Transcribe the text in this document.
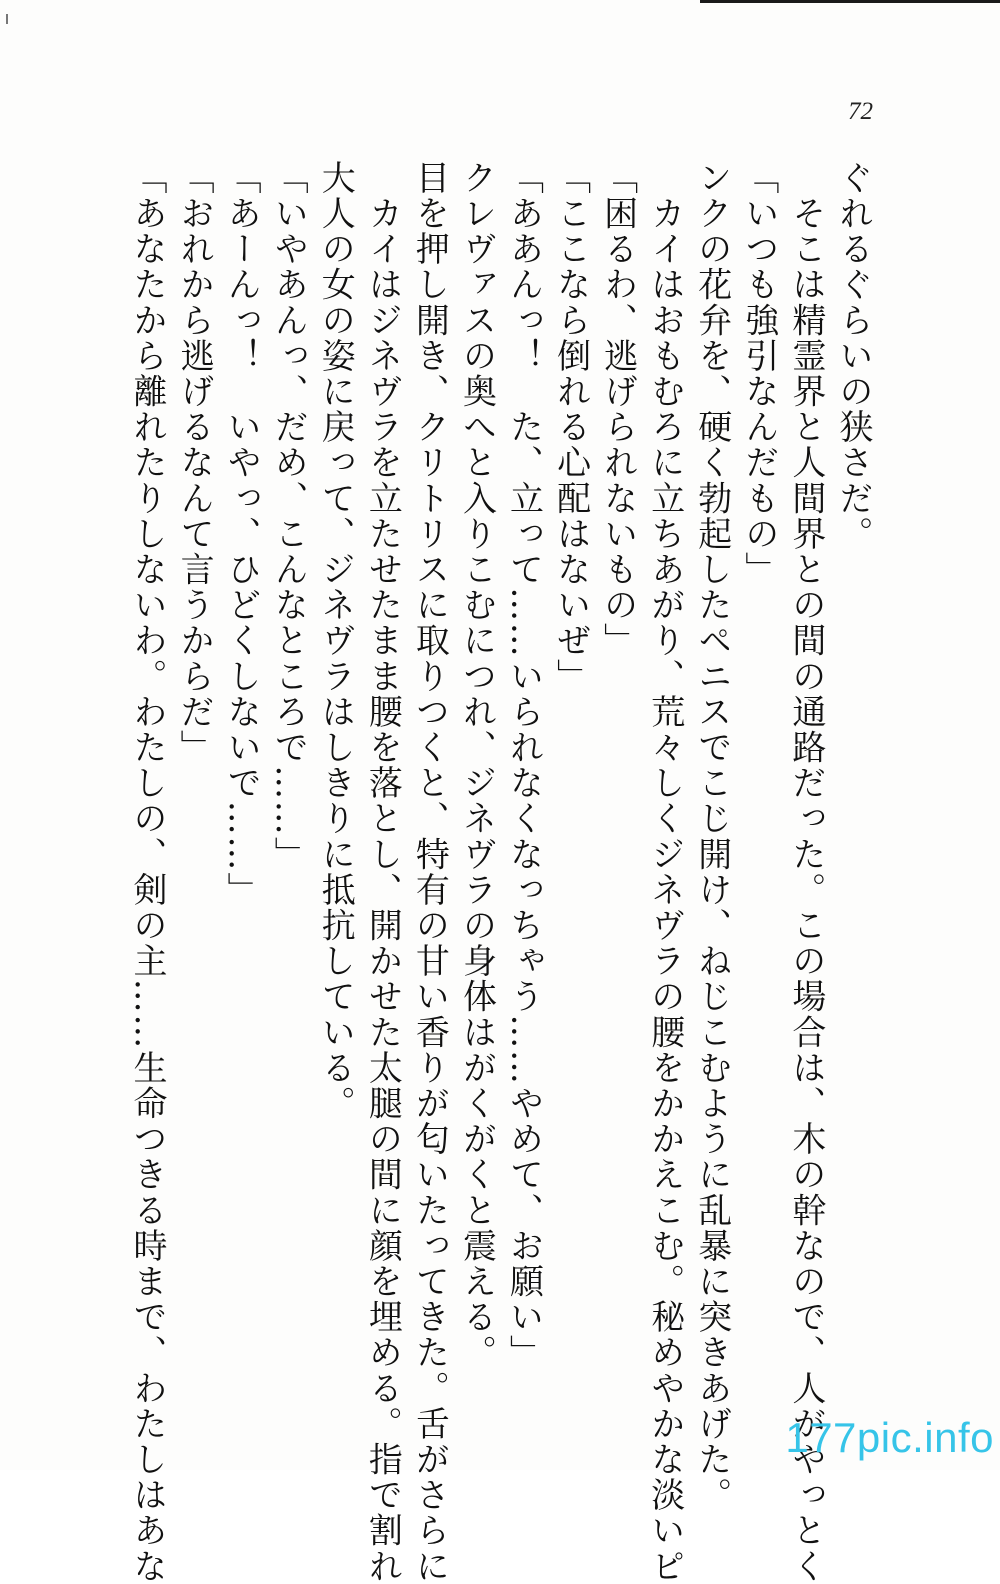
72
ぐれるぐらいの狭さだ。
　そこは精霊界と人間界との間の通路だった。この場合は、木の幹なので、人がやっとく
「いつも強引なんだもの」
ンクの花弁を、硬く勃起したペニスでこじ開け、ねじこむように乱暴に突きあげた。
　カイはおもむろに立ちあがり、荒々しくジネヴラの腰をかかえこむ。秘めやかな淡いピ
「困るわ、逃げられないもの」
「ここなら倒れる心配はないぜ」
「ああんっ！　た、立って……いられなくなっちゃう……やめて、お願い」
クレヴァスの奥へと入りこむにつれ、ジネヴラの身体はがくがくと震える。
目を押し開き、クリトリスに取りつくと、特有の甘い香りが匂いたってきた。舌がさらに
　カイはジネヴラを立たせたまま腰を落とし、開かせた太腿の間に顔を埋める。指で割れ
大人の女の姿に戻って、ジネヴラはしきりに抵抗している。
「いやあんっ、だめ、こんなところで……」
「あーんっ！　いやっ、ひどくしないで……」
「おれから逃げるなんて言うからだ」
「あなたから離れたりしないわ。わたしの、剣の主……生命つきる時まで、わたしはあな	177pic.info
